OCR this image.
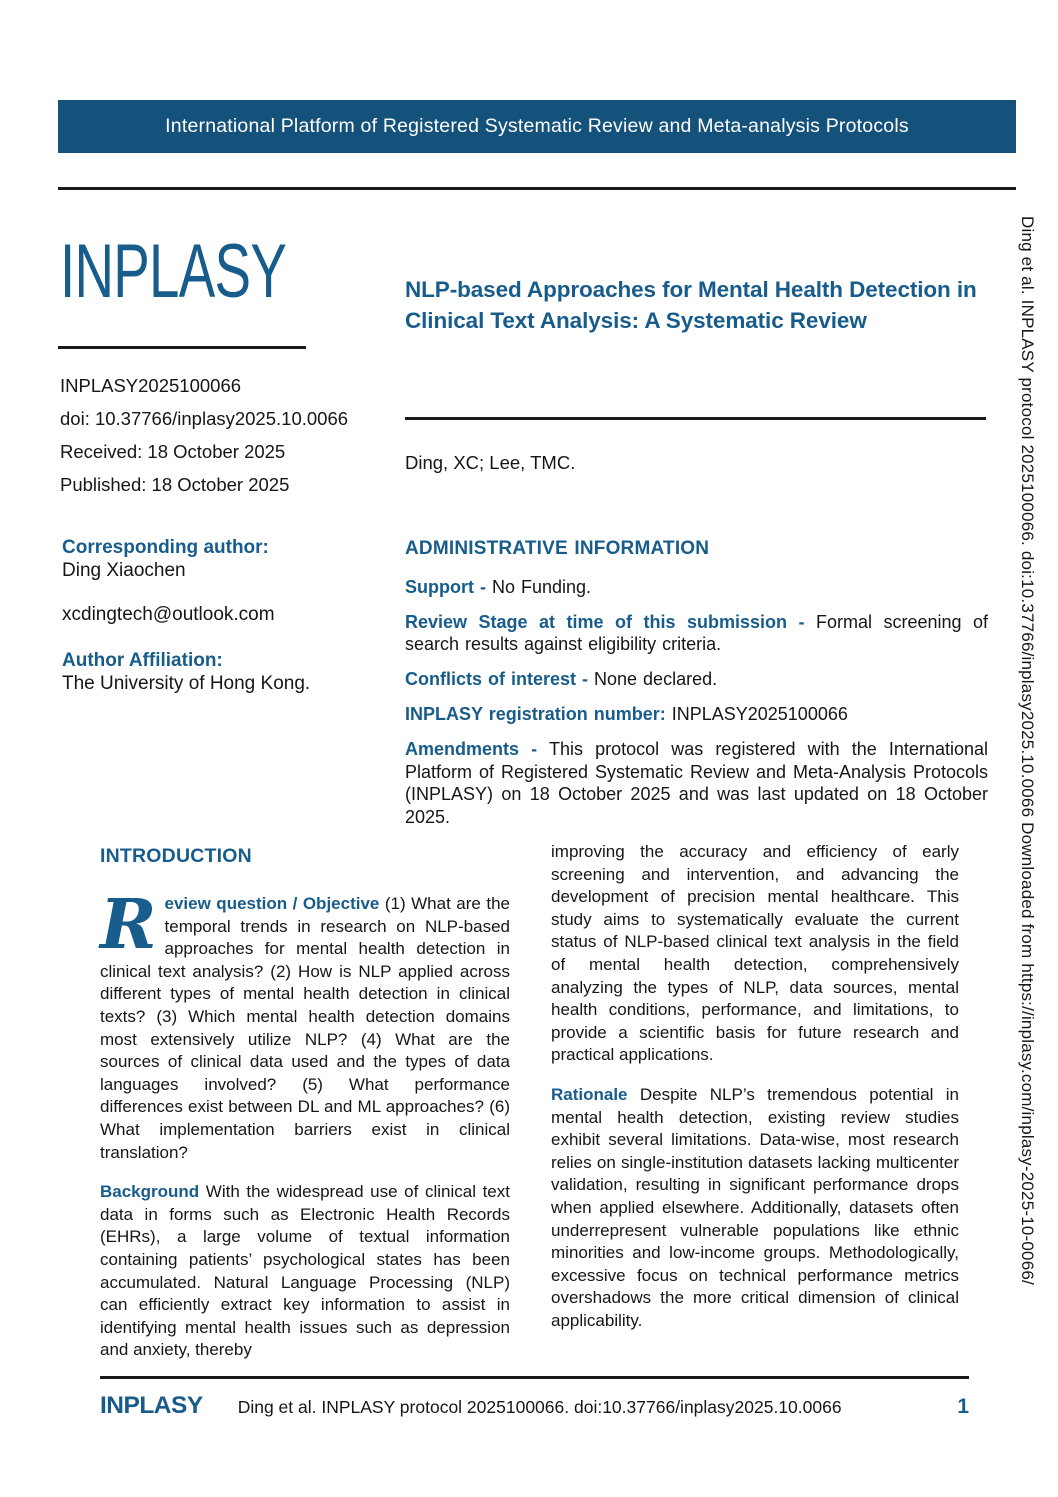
International Platform of Registered Systematic Review and Meta-analysis Protocols
INPLASY

INPLASY2025100066

doi: 10.37766/inplasy2025.10.0066

Received: 18 October 2025

Published: 18 October 2025

NLP-based Approaches for Mental Health Detection in Clinical Text Analysis: A Systematic Review

Ding, XC; Lee, TMC.

Corresponding author:

Ding Xiaochen

xcdingtech@outlook.com

Author Affiliation:

The University of Hong Kong.

ADMINISTRATIVE INFORMATION

Support - No Funding.

Review Stage at time of this submission - Formal screening of search results against eligibility criteria.

Conflicts of interest - None declared.

INPLASY registration number: INPLASY2025100066

Amendments - This protocol was registered with the International Platform of Registered Systematic Review and Meta-Analysis Protocols (INPLASY) on 18 October 2025 and was last updated on 18 October 2025.

INTRODUCTION

Review question / Objective (1) What are the temporal trends in research on NLP-based approaches for mental health detection in clinical text analysis? (2) How is NLP applied across different types of mental health detection in clinical texts? (3) Which mental health detection domains most extensively utilize NLP? (4) What are the sources of clinical data used and the types of data languages involved? (5) What performance differences exist between DL and ML approaches? (6) What implementation barriers exist in clinical translation?

Background With the widespread use of clinical text data in forms such as Electronic Health Records (EHRs), a large volume of textual information containing patients’ psychological states has been accumulated. Natural Language Processing (NLP) can efficiently extract key information to assist in identifying mental health issues such as depression and anxiety, thereby

improving the accuracy and efficiency of early screening and intervention, and advancing the development of precision mental healthcare. This study aims to systematically evaluate the current status of NLP-based clinical text analysis in the field of mental health detection, comprehensively analyzing the types of NLP, data sources, mental health conditions, performance, and limitations, to provide a scientific basis for future research and practical applications.

Rationale Despite NLP’s tremendous potential in mental health detection, existing review studies exhibit several limitations. Data-wise, most research relies on single-institution datasets lacking multicenter validation, resulting in significant performance drops when applied elsewhere. Additionally, datasets often underrepresent vulnerable populations like ethnic minorities and low-income groups. Methodologically, excessive focus on technical performance metrics overshadows the more critical dimension of clinical applicability.

Ding et al. INPLASY protocol 2025100066. doi:10.37766/inplasy2025.10.0066 Downloaded from https://inplasy.com/inplasy-2025-10-0066/
INPLASY Ding et al. INPLASY protocol 2025100066. doi:10.37766/inplasy2025.10.0066	1
